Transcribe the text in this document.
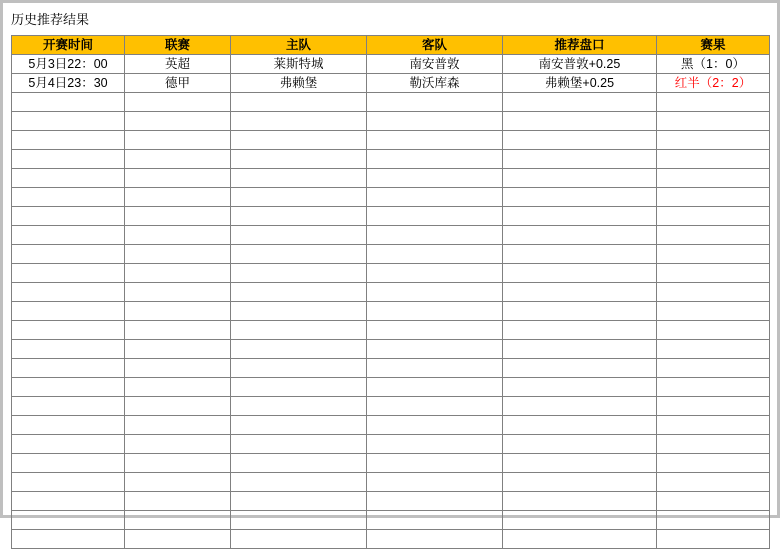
历史推荐结果
开赛时间	联赛	主队	客队	推荐盘口	赛果
5月3日22：00	英超	莱斯特城	南安普敦	南安普敦+0.25	黑（1：0）
5月4日23：30	德甲	弗赖堡	勒沃库森	弗赖堡+0.25	红半（2：2）
